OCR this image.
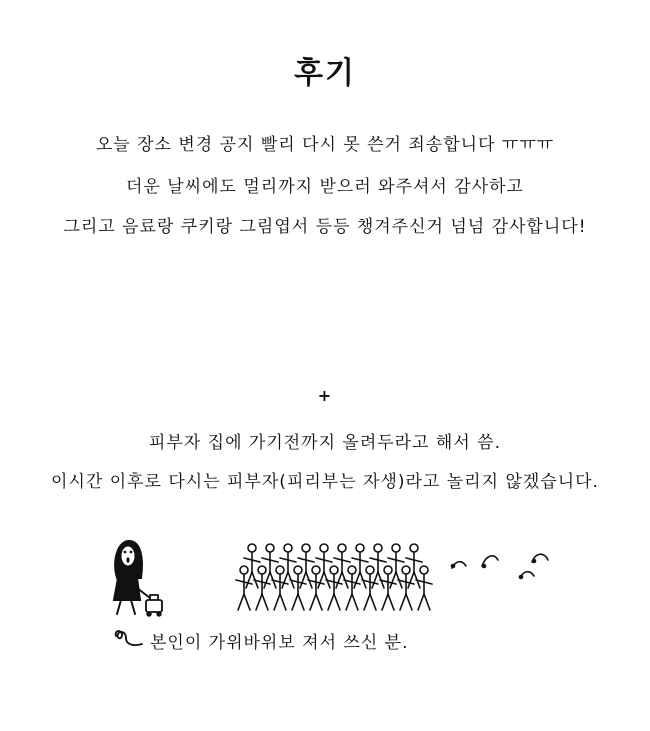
후기
오늘 장소 변경 공지 빨리 다시 못 쓴거 죄송합니다 ㅠㅠㅠ
더운 날씨에도 멀리까지 받으러 와주셔서 감사하고
그리고 음료랑 쿠키랑 그림엽서 등등 챙겨주신거 넘넘 감사합니다!
+
피부자 집에 가기전까지 올려두라고 해서 씀.
이시간 이후로 다시는 피부자(피리부는 자생)라고 놀리지 않겠습니다.
본인이 가위바위보 져서 쓰신 분.
